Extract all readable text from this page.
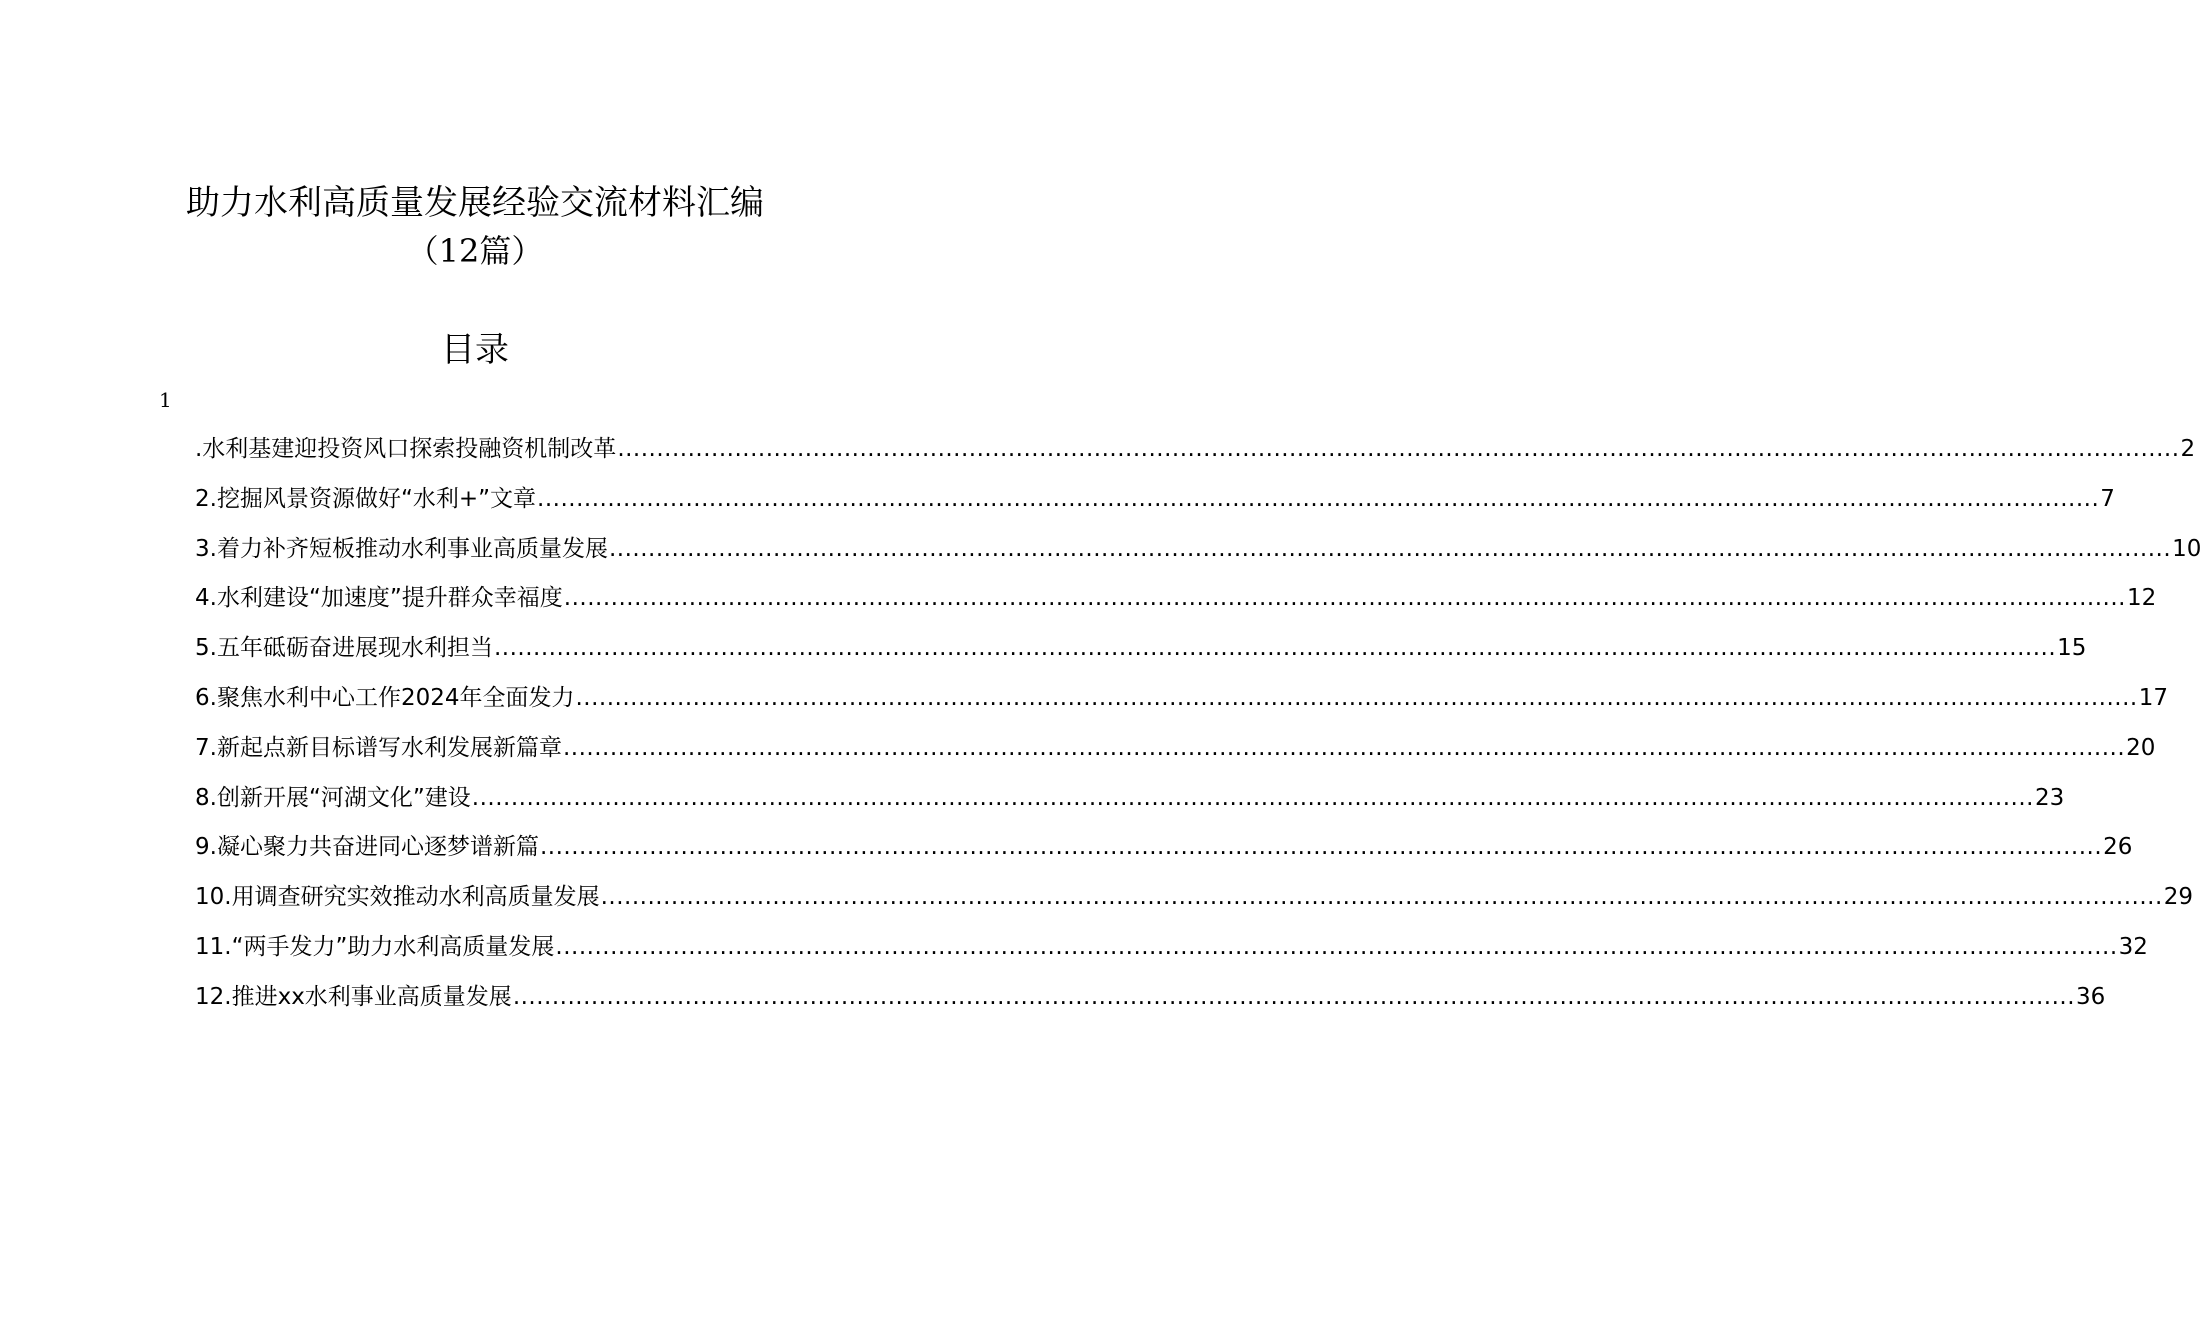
助力水利高质量发展经验交流材料汇编
（12篇）
目录
1
.水利基建迎投资风口探索投融资机制改革 ........................................................................................................................................................................................................ 2
2.挖掘风景资源做好“水利+”文章 ........................................................................................................................................................................................................ 7
3.着力补齐短板推动水利事业高质量发展 ........................................................................................................................................................................................................ 10
4.水利建设“加速度”提升群众幸福度 ........................................................................................................................................................................................................ 12
5.五年砥砺奋进展现水利担当 ........................................................................................................................................................................................................ 15
6.聚焦水利中心工作2024年全面发力 ........................................................................................................................................................................................................ 17
7.新起点新目标谱写水利发展新篇章 ........................................................................................................................................................................................................ 20
8.创新开展“河湖文化”建设 ........................................................................................................................................................................................................ 23
9.凝心聚力共奋进同心逐梦谱新篇 ........................................................................................................................................................................................................ 26
10.用调查研究实效推动水利高质量发展 ........................................................................................................................................................................................................ 29
11.“两手发力”助力水利高质量发展 ........................................................................................................................................................................................................ 32
12.推进xx水利事业高质量发展 ........................................................................................................................................................................................................ 36
